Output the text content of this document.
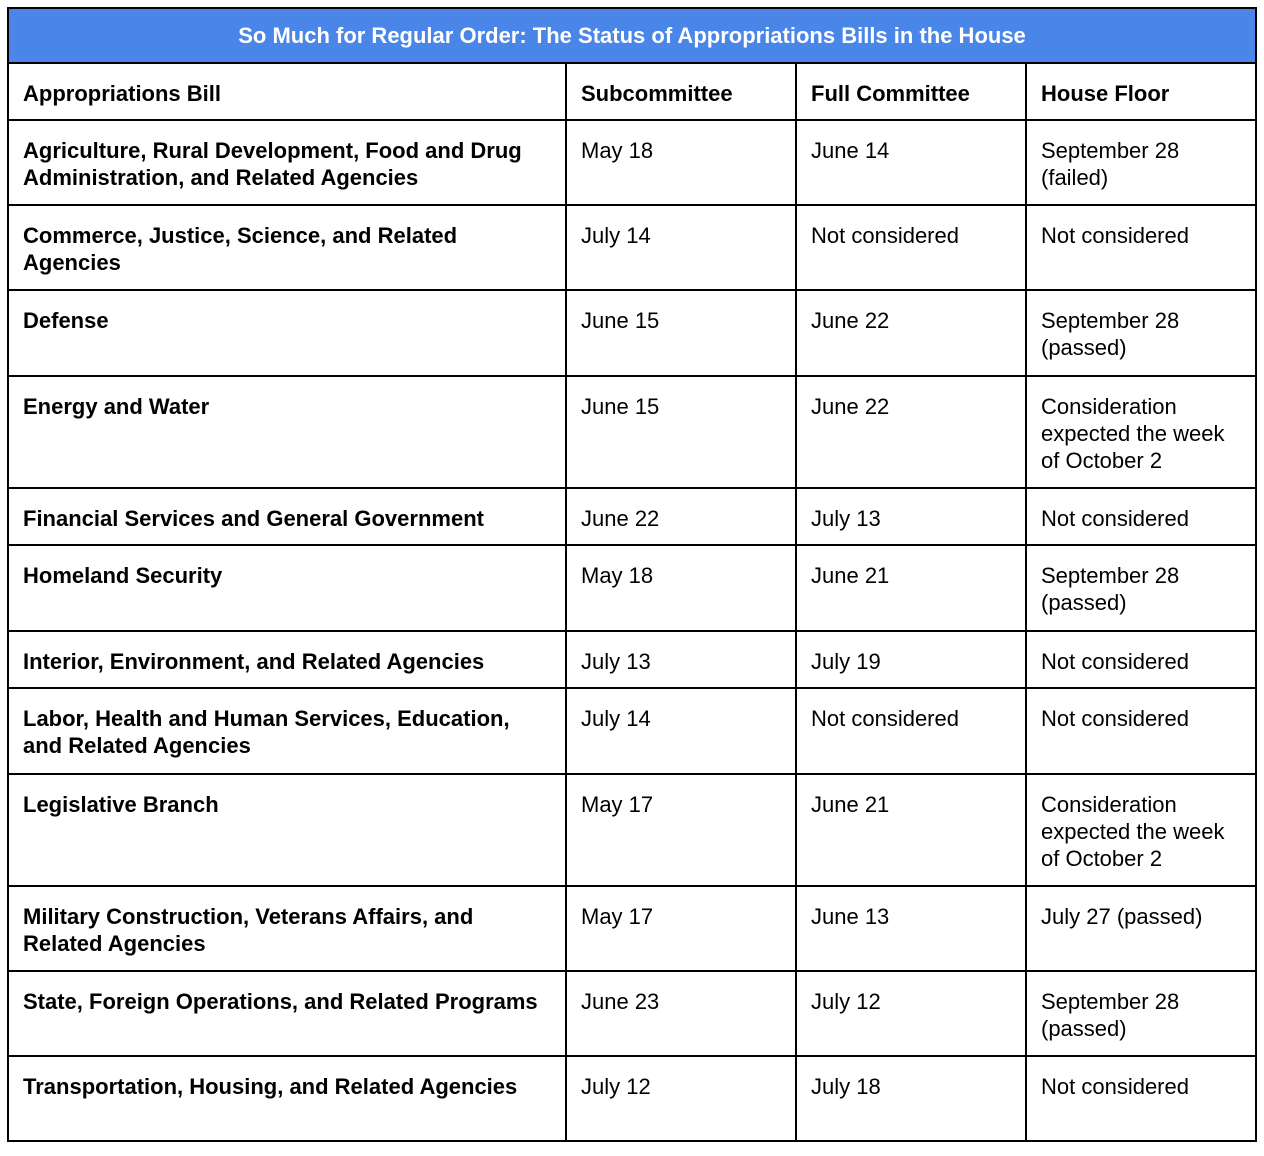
So Much for Regular Order: The Status of Appropriations Bills in the House			
Appropriations Bill	Subcommittee	Full Committee	House Floor
Agriculture, Rural Development, Food and Drug Administration, and Related Agencies	May 18	June 14	September 28 (failed)
Commerce, Justice, Science, and Related Agencies	July 14	Not considered	Not considered
Defense	June 15	June 22	September 28 (passed)
Energy and Water	June 15	June 22	Consideration expected the week of October 2
Financial Services and General Government	June 22	July 13	Not considered
Homeland Security	May 18	June 21	September 28 (passed)
Interior, Environment, and Related Agencies	July 13	July 19	Not considered
Labor, Health and Human Services, Education, and Related Agencies	July 14	Not considered	Not considered
Legislative Branch	May 17	June 21	Consideration expected the week of October 2
Military Construction, Veterans Affairs, and Related Agencies	May 17	June 13	July 27 (passed)
State, Foreign Operations, and Related Programs	June 23	July 12	September 28 (passed)
Transportation, Housing, and Related Agencies	July 12	July 18	Not considered
